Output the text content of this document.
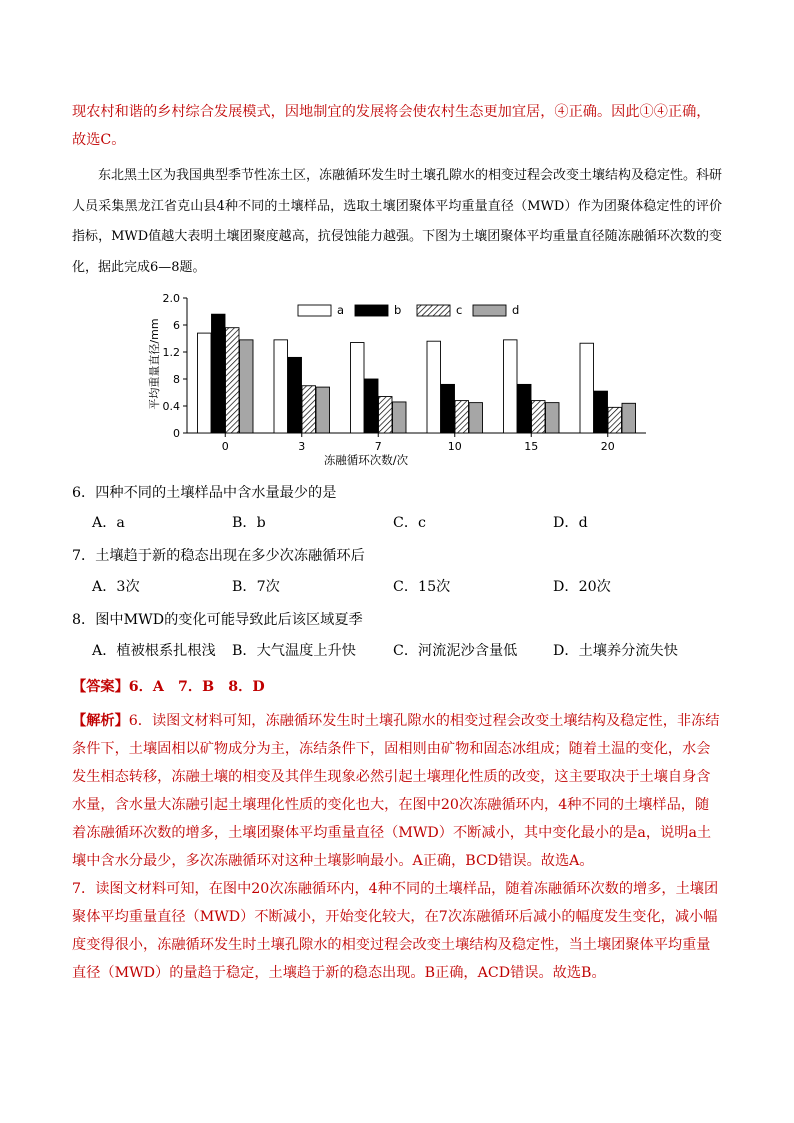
现农村和谐的乡村综合发展模式，因地制宜的发展将会使农村生态更加宜居，④正确。因此①④正确，故选C。
东北黑土区为我国典型季节性冻土区，冻融循环发生时土壤孔隙水的相变过程会改变土壤结构及稳定性。科研人员采集黑龙江省克山县4种不同的土壤样品，选取土壤团聚体平均重量直径（MWD）作为团聚体稳定性的评价指标，MWD值越大表明土壤团聚度越高，抗侵蚀能力越强。下图为土壤团聚体平均重量直径随冻融循环次数的变化，据此完成6—8题。
0
0.4
8
1.2
6
2.0
0	3	7	10	15	20
a	b	c	d
冻融循环次数/次
平均重量直径/mm
6．四种不同的土壤样品中含水量最少的是
A．a	B．b	C．c	D．d
7．土壤趋于新的稳态出现在多少次冻融循环后
A．3次	B．7次	C．15次	D．20次
8．图中MWD的变化可能导致此后该区域夏季
A．植被根系扎根浅 B．大气温度上升快	C．河流泥沙含量低	D．土壤养分流失快
【答案】6．A　7．B　8．D
【解析】6．读图文材料可知，冻融循环发生时土壤孔隙水的相变过程会改变土壤结构及稳定性，非冻结条件下，土壤固相以矿物成分为主，冻结条件下，固相则由矿物和固态冰组成；随着土温的变化，水会发生相态转移，冻融土壤的相变及其伴生现象必然引起土壤理化性质的改变，这主要取决于土壤自身含水量，含水量大冻融引起土壤理化性质的变化也大，在图中20次冻融循环内，4种不同的土壤样品，随着冻融循环次数的增多，土壤团聚体平均重量直径（MWD）不断减小，其中变化最小的是a，说明a土壤中含水分最少，多次冻融循环对这种土壤影响最小。A正确，BCD错误。故选A。
7．读图文材料可知，在图中20次冻融循环内，4种不同的土壤样品，随着冻融循环次数的增多，土壤团聚体平均重量直径（MWD）不断减小，开始变化较大，在7次冻融循环后减小的幅度发生变化，减小幅度变得很小，冻融循环发生时土壤孔隙水的相变过程会改变土壤结构及稳定性，当土壤团聚体平均重量直径（MWD）的量趋于稳定，土壤趋于新的稳态出现。B正确，ACD错误。故选B。
